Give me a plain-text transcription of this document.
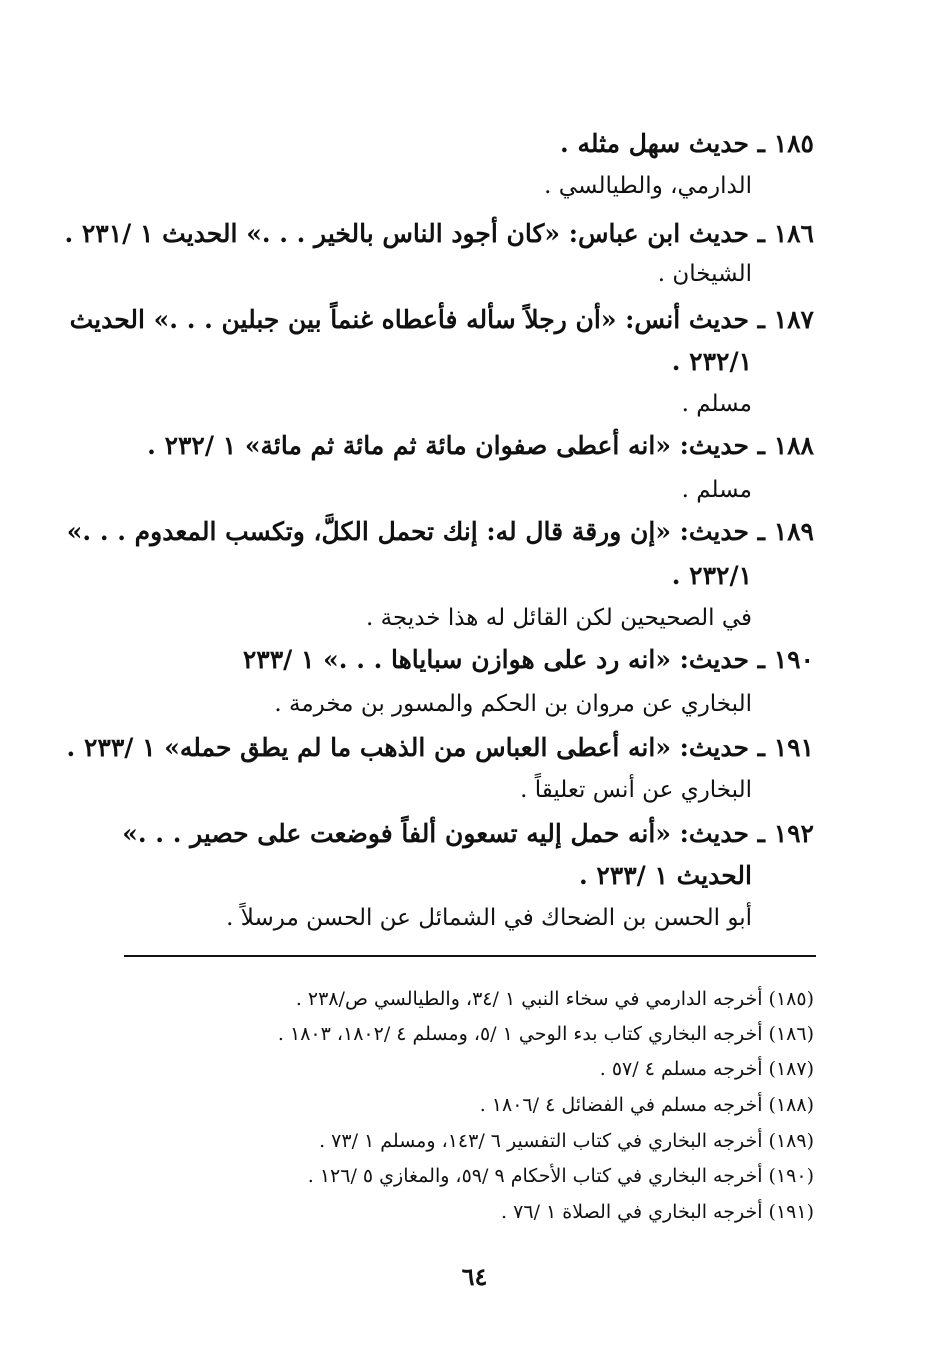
١٨٥ ـ حديث سهل مثله .
الدارمي، والطيالسي .
١٨٦ ـ حديث ابن عباس: «كان أجود الناس بالخير . . .» الحديث ١ /٢٣١ .
الشيخان .
١٨٧ ـ حديث أنس: «أن رجلاً سأله فأعطاه غنماً بين جبلين . . .» الحديث
٢٣٢/١ .
مسلم .
١٨٨ ـ حديث: «انه أعطى صفوان مائة ثم مائة ثم مائة» ١ /٢٣٢ .
مسلم .
١٨٩ ـ حديث: «إن ورقة قال له: إنك تحمل الكلَّ، وتكسب المعدوم . . .»
٢٣٢/١ .
في الصحيحين لكن القائل له هذا خديجة .
١٩٠ ـ حديث: «انه رد على هوازن سباياها . . .» ١ /٢٣٣
البخاري عن مروان بن الحكم والمسور بن مخرمة .
١٩١ ـ حديث: «انه أعطى العباس من الذهب ما لم يطق حمله» ١ /٢٣٣ .
البخاري عن أنس تعليقاً .
١٩٢ ـ حديث: «أنه حمل إليه تسعون ألفاً فوضعت على حصير . . .»
الحديث ١ /٢٣٣ .
أبو الحسن بن الضحاك في الشمائل عن الحسن مرسلاً .
(١٨٥) أخرجه الدارمي في سخاء النبي ١ /٣٤، والطيالسي ص/٢٣٨ .
(١٨٦) أخرجه البخاري كتاب بدء الوحي ١ /٥، ومسلم ٤ /١٨٠٢، ١٨٠٣ .
(١٨٧) أخرجه مسلم ٤ /٥٧ .
(١٨٨) أخرجه مسلم في الفضائل ٤ /١٨٠٦ .
(١٨٩) أخرجه البخاري في كتاب التفسير ٦ /١٤٣، ومسلم ١ /٧٣ .
(١٩٠) أخرجه البخاري في كتاب الأحكام ٩ /٥٩، والمغازي ٥ /١٢٦ .
(١٩١) أخرجه البخاري في الصلاة ١ /٧٦ .
٦٤
